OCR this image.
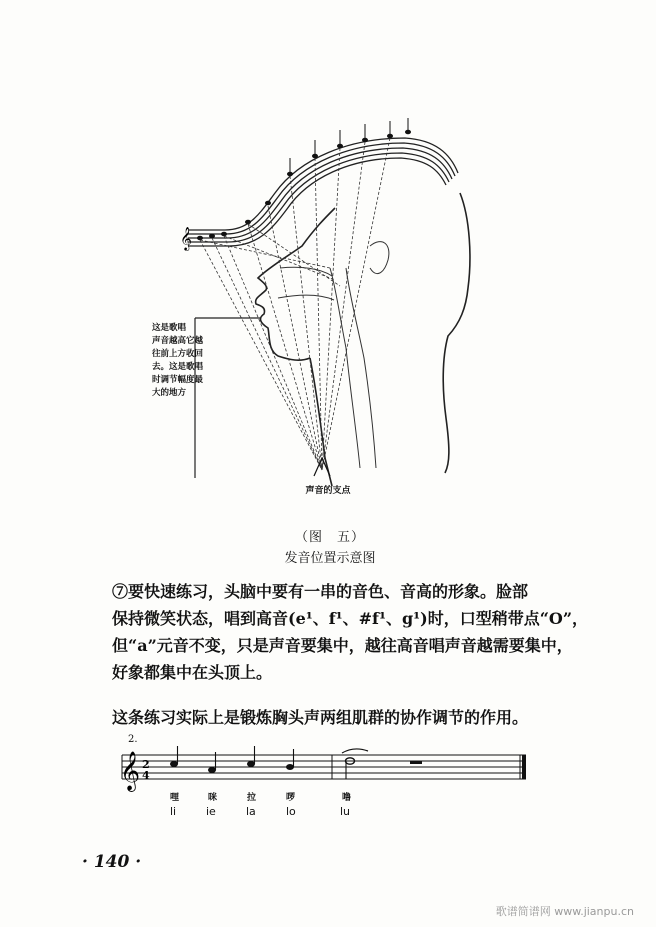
𝄞
这是歌唱
声音越高它越
往前上方收回
去。这是歌唱
时调节幅度最
大的地方
声音的支点
（图　五）
发音位置示意图

⑦要快速练习，头脑中要有一串的音色、音高的形象。脸部

保持微笑状态，唱到高音(e¹、f¹、#f¹、g¹)时，口型稍带点“O”，

但“a”元音不变，只是声音要集中，越往高音唱声音越需要集中，

好象都集中在头顶上。

这条练习实际上是锻炼胸头声两组肌群的协作调节的作用。

2.
𝄞 2
4
哩	咪	拉	啰	噜
li	ie	la	lo	lu
· 140 ·
歌谱简谱网 www.jianpu.cn
